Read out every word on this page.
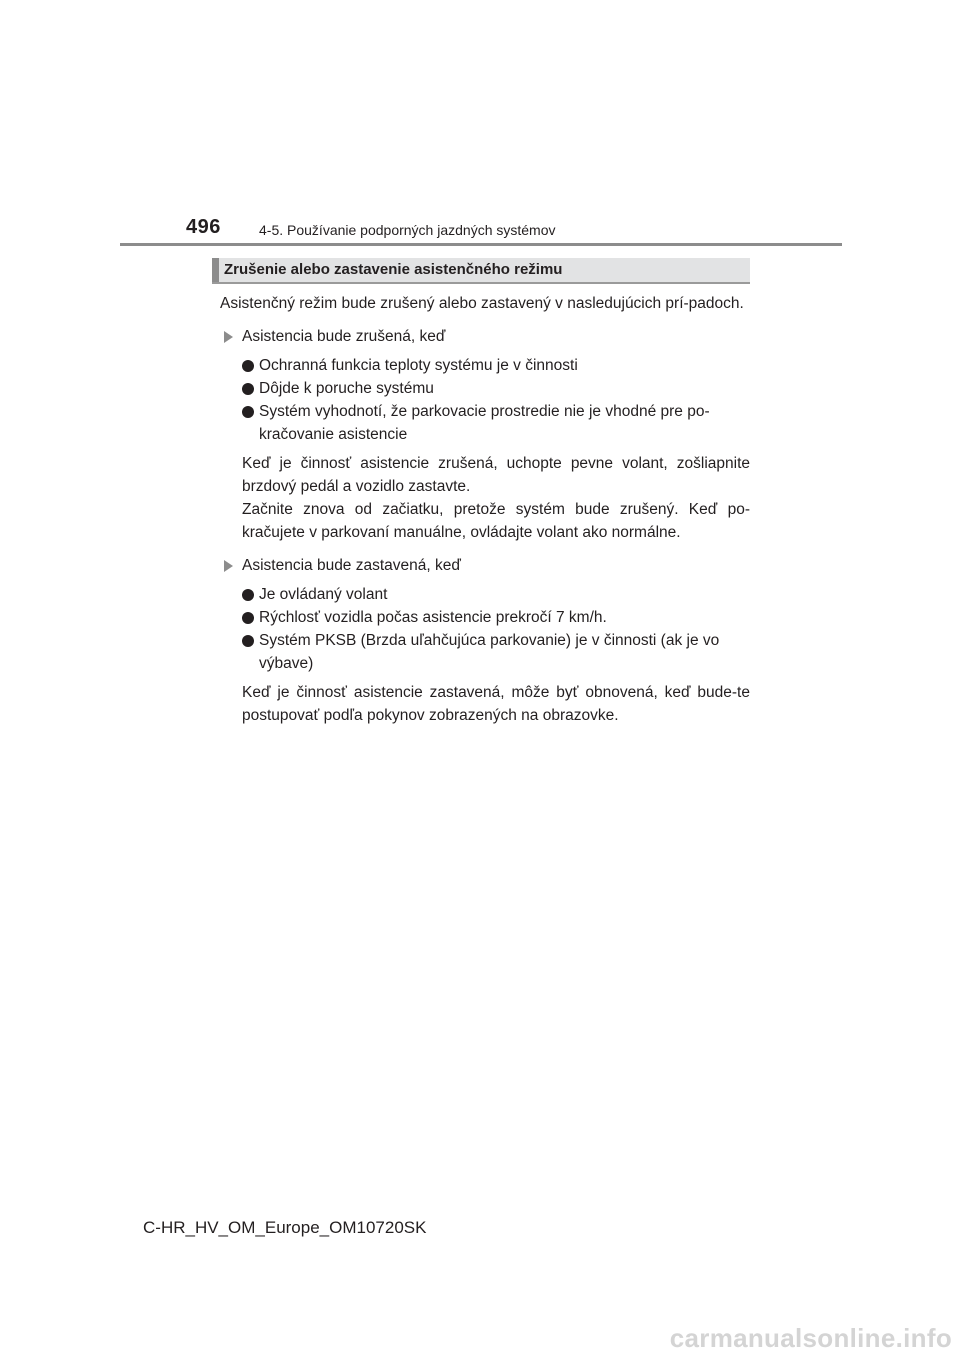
496	4-5. Používanie podporných jazdných systémov
Zrušenie alebo zastavenie asistenčného režimu

Asistenčný režim bude zrušený alebo zastavený v nasledujúcich prí-padoch.

Asistencia bude zrušená, keď
Ochranná funkcia teploty systému je v činnosti
Dôjde k poruche systému
Systém vyhodnotí, že parkovacie prostredie nie je vhodné pre po-kračovanie asistencie

Keď je činnosť asistencie zrušená, uchopte pevne volant, zošliapnite brzdový pedál a vozidlo zastavte.

Začnite znova od začiatku, pretože systém bude zrušený. Keď po-kračujete v parkovaní manuálne, ovládajte volant ako normálne.

Asistencia bude zastavená, keď
Je ovládaný volant
Rýchlosť vozidla počas asistencie prekročí 7 km/h.
Systém PKSB (Brzda uľahčujúca parkovanie) je v činnosti (ak je vo výbave)

Keď je činnosť asistencie zastavená, môže byť obnovená, keď bude-te postupovať podľa pokynov zobrazených na obrazovke.

C-HR_HV_OM_Europe_OM10720SK
carmanualsonline.info
